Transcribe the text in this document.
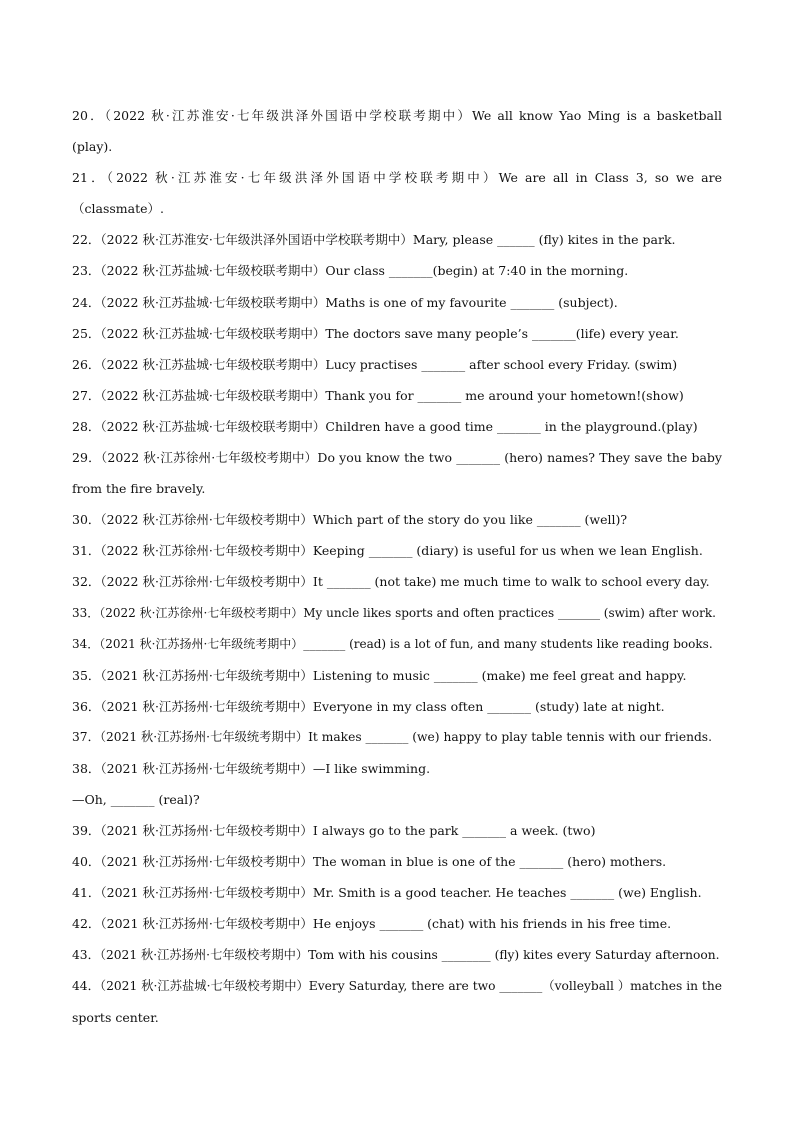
20．（2022 秋·江苏淮安·七年级洪泽外国语中学校联考期中）We all know Yao Ming is a basketball
(play).
21．（2022 秋·江苏淮安·七年级洪泽外国语中学校联考期中）We are all in Class 3, so we are
（classmate）.
22．（2022 秋·江苏淮安·七年级洪泽外国语中学校联考期中）Mary, please ______ (fly) kites in the park.
23．（2022 秋·江苏盐城·七年级校联考期中）Our class _______(begin) at 7:40 in the morning.
24．（2022 秋·江苏盐城·七年级校联考期中）Maths is one of my favourite _______ (subject).
25．（2022 秋·江苏盐城·七年级校联考期中）The doctors save many people’s _______(life) every year.
26．（2022 秋·江苏盐城·七年级校联考期中）Lucy practises _______ after school every Friday. (swim)
27．（2022 秋·江苏盐城·七年级校联考期中）Thank you for _______ me around your hometown!(show)
28．（2022 秋·江苏盐城·七年级校联考期中）Children have a good time _______ in the playground.(play)
29．（2022 秋·江苏徐州·七年级校考期中）Do you know the two _______ (hero) names? They save the baby
from the fire bravely.
30．（2022 秋·江苏徐州·七年级校考期中）Which part of the story do you like _______ (well)?
31．（2022 秋·江苏徐州·七年级校考期中）Keeping _______ (diary) is useful for us when we lean English.
32．（2022 秋·江苏徐州·七年级校考期中）It _______ (not take) me much time to walk to school every day.
33．（2022 秋·江苏徐州·七年级校考期中）My uncle likes sports and often practices _______ (swim) after work.
34．（2021 秋·江苏扬州·七年级统考期中）_______ (read) is a lot of fun, and many students like reading books.
35．（2021 秋·江苏扬州·七年级统考期中）Listening to music _______ (make) me feel great and happy.
36．（2021 秋·江苏扬州·七年级统考期中）Everyone in my class often _______ (study) late at night.
37．（2021 秋·江苏扬州·七年级统考期中）It makes _______ (we) happy to play table tennis with our friends.
38．（2021 秋·江苏扬州·七年级统考期中）—I like swimming.
—Oh, _______ (real)?
39．（2021 秋·江苏扬州·七年级校考期中）I always go to the park _______ a week. (two)
40．（2021 秋·江苏扬州·七年级校考期中）The woman in blue is one of the _______ (hero) mothers.
41．（2021 秋·江苏扬州·七年级校考期中）Mr. Smith is a good teacher. He teaches _______ (we) English.
42．（2021 秋·江苏扬州·七年级校考期中）He enjoys _______ (chat) with his friends in his free time.
43．（2021 秋·江苏扬州·七年级校考期中）Tom with his cousins ________ (fly) kites every Saturday afternoon.
44．（2021 秋·江苏盐城·七年级校考期中）Every Saturday, there are two _______（volleyball ）matches in the
sports center.
